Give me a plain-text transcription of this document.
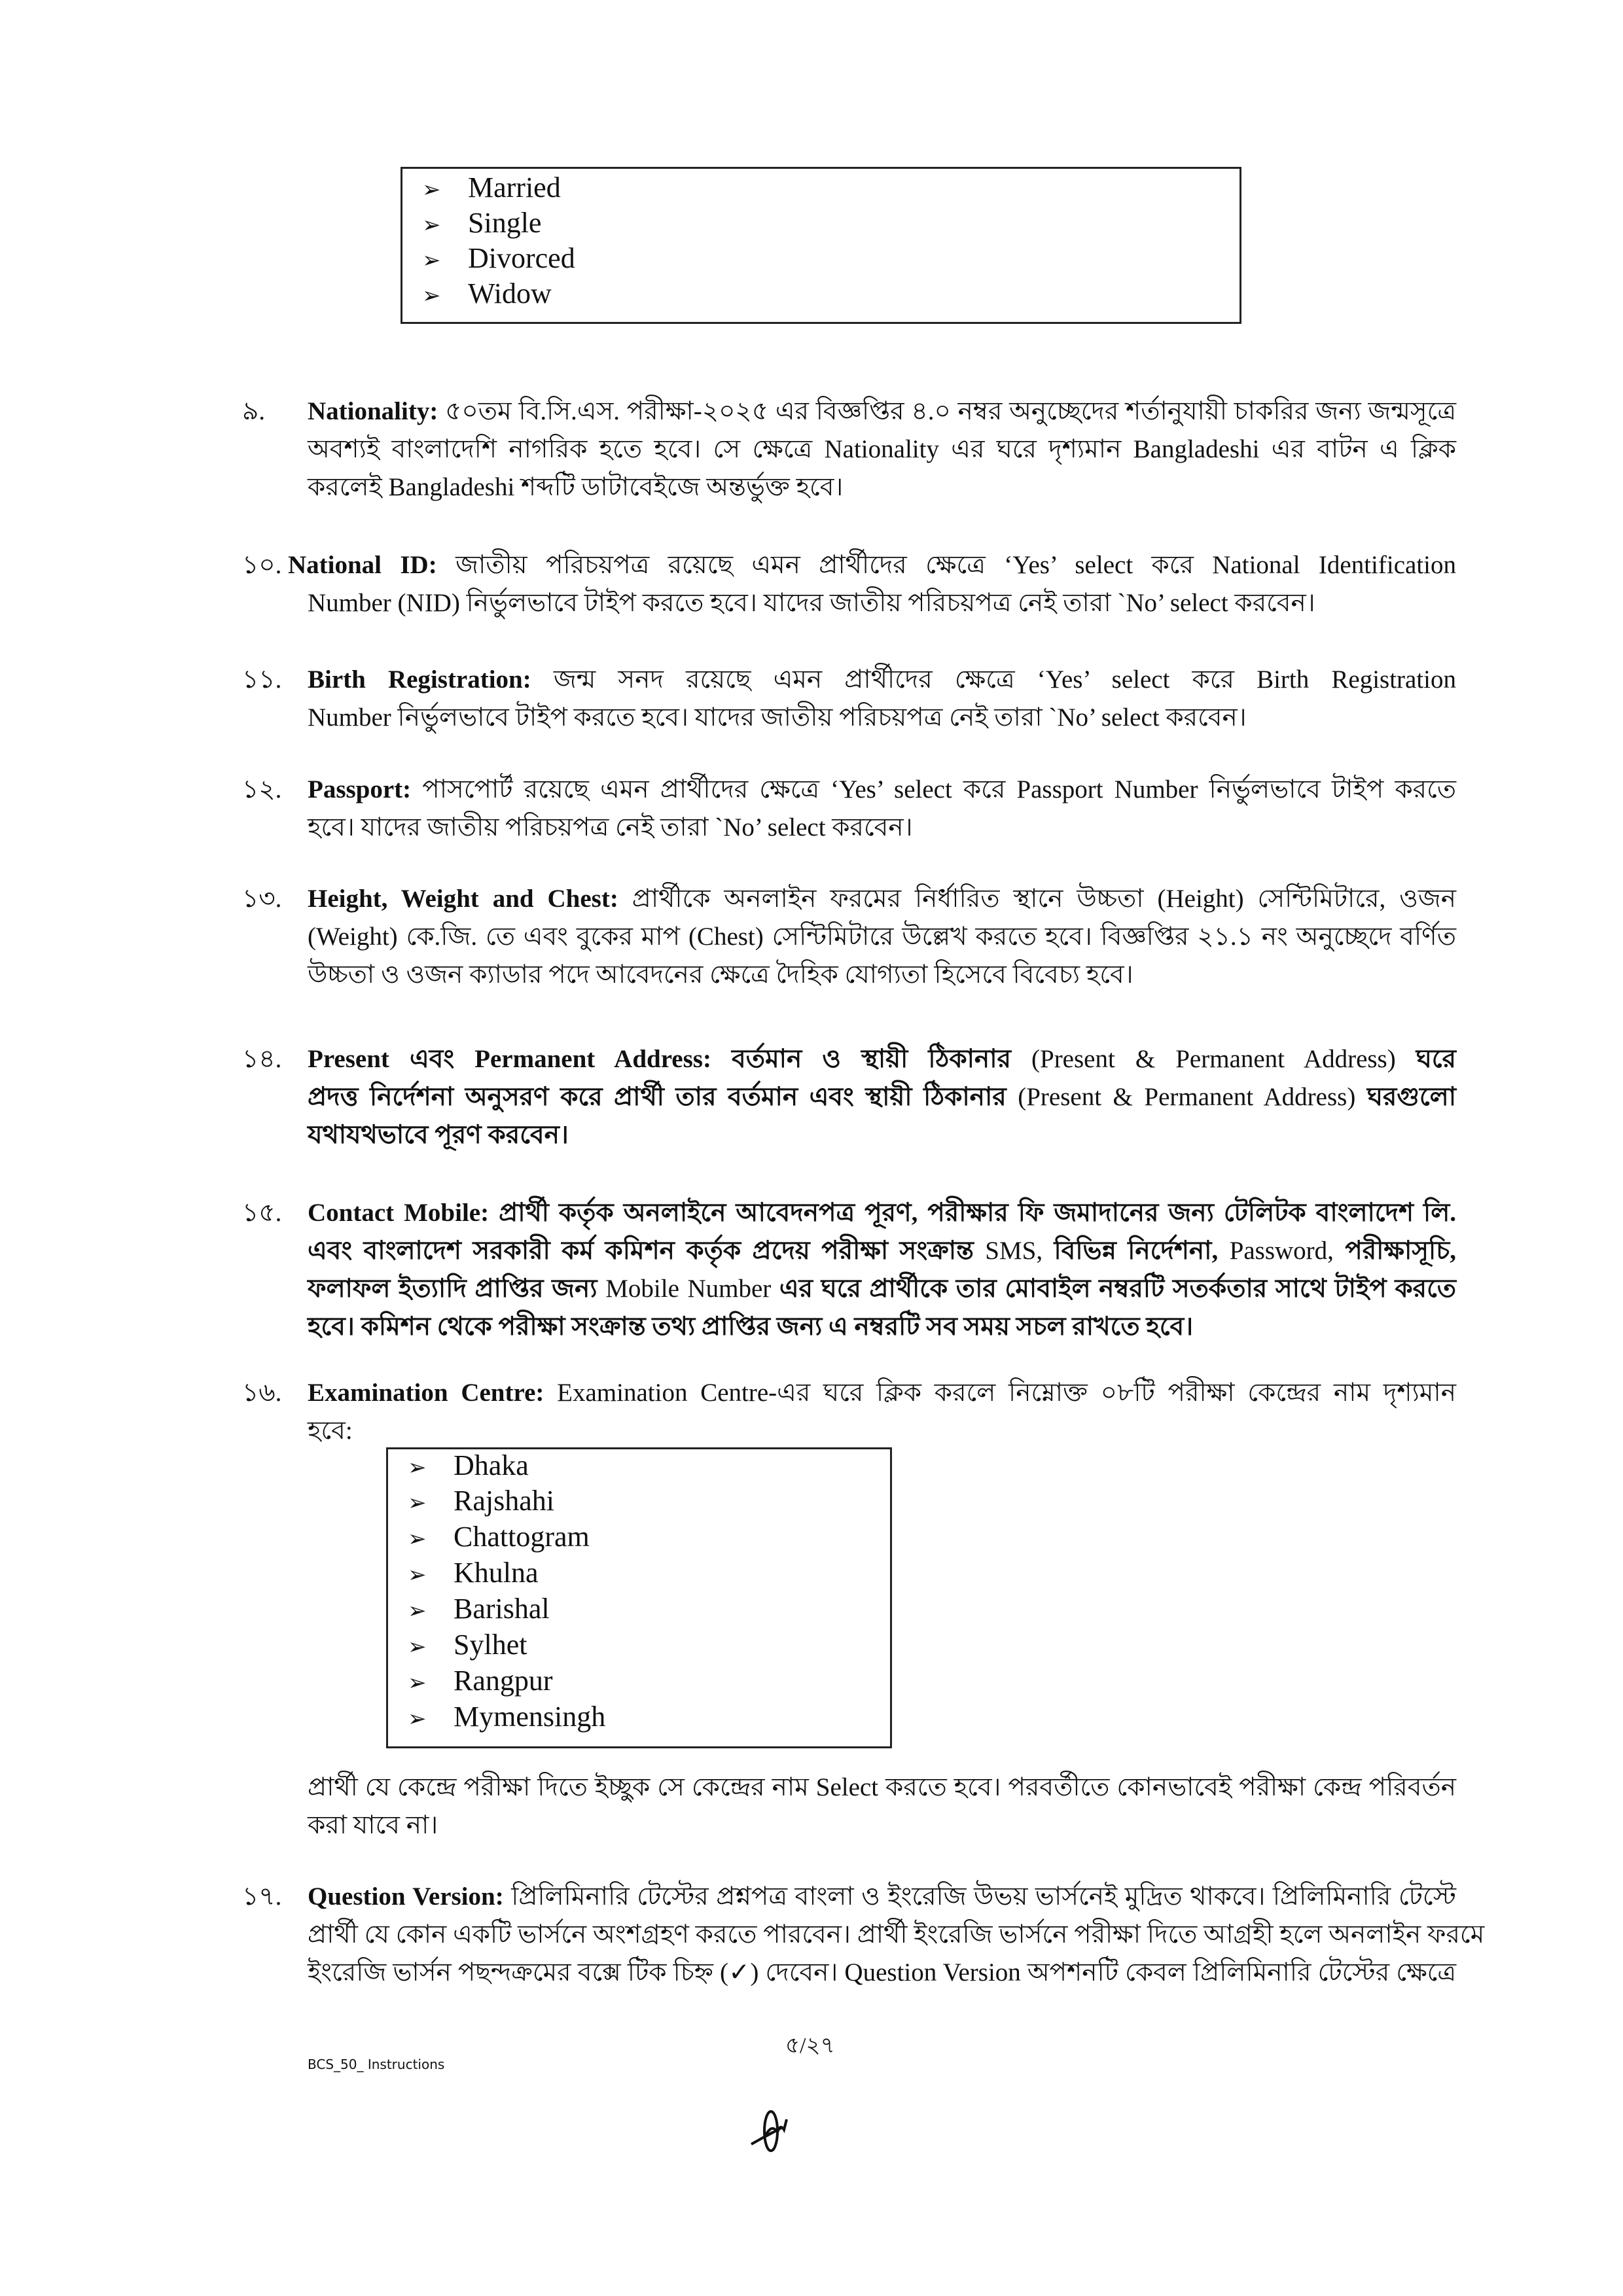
➢ Married
➢ Single
➢ Divorced
➢ Widow
৯. Nationality: ৫০তম বি.সি.এস. পরীক্ষা-২০২৫ এর বিজ্ঞপ্তির ৪.০ নম্বর অনুচ্ছেদের শর্তানুযায়ী চাকরির জন্য জন্মসূত্রে
অবশ্যই বাংলাদেশি নাগরিক হতে হবে। সে ক্ষেত্রে Nationality এর ঘরে দৃশ্যমান Bangladeshi এর বাটন এ ক্লিক
করলেই Bangladeshi শব্দটি ডাটাবেইজে অন্তর্ভুক্ত হবে।
১০. National ID: জাতীয় পরিচয়পত্র রয়েছে এমন প্রার্থীদের ক্ষেত্রে ‘Yes’ select করে National Identification
Number (NID) নির্ভুলভাবে টাইপ করতে হবে। যাদের জাতীয় পরিচয়পত্র নেই তারা `No’ select করবেন।
১১. Birth Registration: জন্ম সনদ রয়েছে এমন প্রার্থীদের ক্ষেত্রে ‘Yes’ select করে Birth Registration
Number নির্ভুলভাবে টাইপ করতে হবে। যাদের জাতীয় পরিচয়পত্র নেই তারা `No’ select করবেন।
১২. Passport: পাসপোর্ট রয়েছে এমন প্রার্থীদের ক্ষেত্রে ‘Yes’ select করে Passport Number নির্ভুলভাবে টাইপ করতে
হবে। যাদের জাতীয় পরিচয়পত্র নেই তারা `No’ select করবেন।
১৩. Height, Weight and Chest: প্রার্থীকে অনলাইন ফরমের নির্ধারিত স্থানে উচ্চতা (Height) সেন্টিমিটারে, ওজন
(Weight) কে.জি. তে এবং বুকের মাপ (Chest) সেন্টিমিটারে উল্লেখ করতে হবে। বিজ্ঞপ্তির ২১.১ নং অনুচ্ছেদে বর্ণিত
উচ্চতা ও ওজন ক্যাডার পদে আবেদনের ক্ষেত্রে দৈহিক যোগ্যতা হিসেবে বিবেচ্য হবে।
১৪. Present এবং Permanent Address: বর্তমান ও স্থায়ী ঠিকানার (Present & Permanent Address) ঘরে
প্রদত্ত নির্দেশনা অনুসরণ করে প্রার্থী তার বর্তমান এবং স্থায়ী ঠিকানার (Present & Permanent Address) ঘরগুলো
যথাযথভাবে পূরণ করবেন।
১৫. Contact Mobile: প্রার্থী কর্তৃক অনলাইনে আবেদনপত্র পূরণ, পরীক্ষার ফি জমাদানের জন্য টেলিটক বাংলাদেশ লি.
এবং বাংলাদেশ সরকারী কর্ম কমিশন কর্তৃক প্রদেয় পরীক্ষা সংক্রান্ত SMS, বিভিন্ন নির্দেশনা, Password, পরীক্ষাসূচি,
ফলাফল ইত্যাদি প্রাপ্তির জন্য Mobile Number এর ঘরে প্রার্থীকে তার মোবাইল নম্বরটি সতর্কতার সাথে টাইপ করতে
হবে। কমিশন থেকে পরীক্ষা সংক্রান্ত তথ্য প্রাপ্তির জন্য এ নম্বরটি সব সময় সচল রাখতে হবে।
১৬. Examination Centre: Examination Centre-এর ঘরে ক্লিক করলে নিম্নোক্ত ০৮টি পরীক্ষা কেন্দ্রের নাম দৃশ্যমান
হবে:
➢ Dhaka
➢ Rajshahi
➢ Chattogram
➢ Khulna
➢ Barishal
➢ Sylhet
➢ Rangpur
➢ Mymensingh
প্রার্থী যে কেন্দ্রে পরীক্ষা দিতে ইচ্ছুক সে কেন্দ্রের নাম Select করতে হবে। পরবর্তীতে কোনভাবেই পরীক্ষা কেন্দ্র পরিবর্তন
করা যাবে না।
১৭. Question Version: প্রিলিমিনারি টেস্টের প্রশ্নপত্র বাংলা ও ইংরেজি উভয় ভার্সনেই মুদ্রিত থাকবে। প্রিলিমিনারি টেস্টে
প্রার্থী যে কোন একটি ভার্সনে অংশগ্রহণ করতে পারবেন। প্রার্থী ইংরেজি ভার্সনে পরীক্ষা দিতে আগ্রহী হলে অনলাইন ফরমে
ইংরেজি ভার্সন পছন্দক্রমের বক্সে টিক চিহ্ন (✓) দেবেন। Question Version অপশনটি কেবল প্রিলিমিনারি টেস্টের ক্ষেত্রে
৫/২৭
BCS_50_ Instructions
